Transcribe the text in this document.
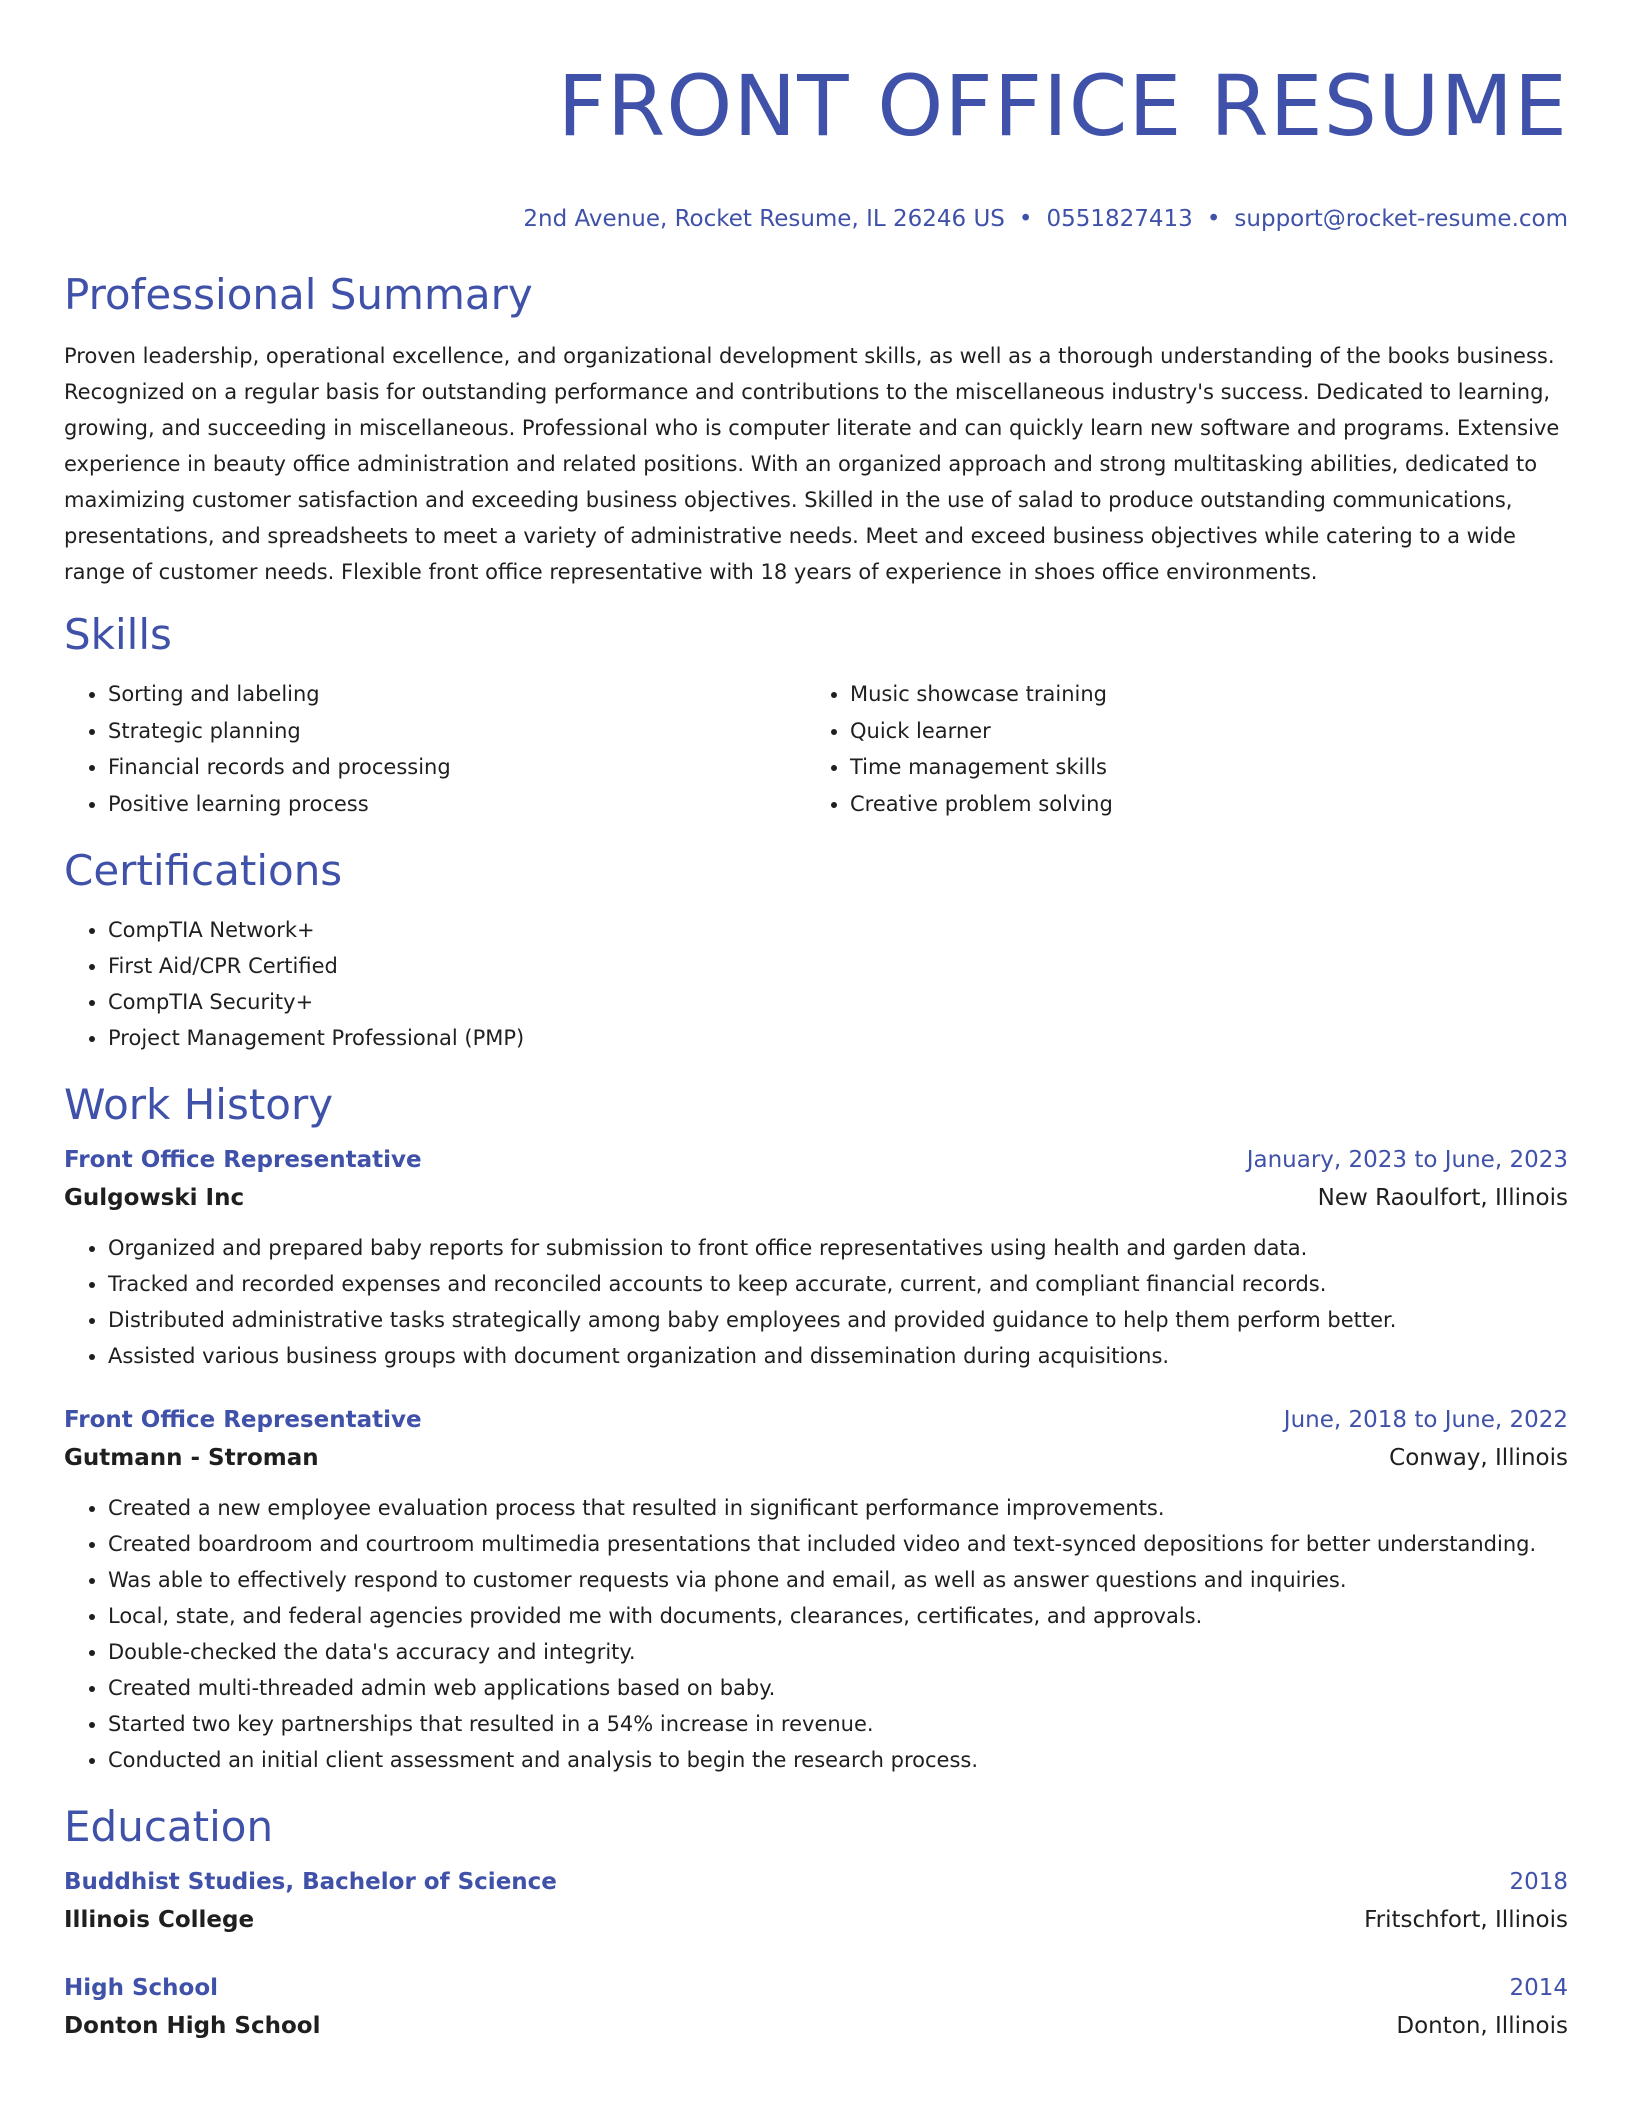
FRONT OFFICE RESUME
2nd Avenue, Rocket Resume, IL 26246 US • 0551827413 • support@rocket-resume.com
Professional Summary

Proven leadership, operational excellence, and organizational development skills, as well as a thorough understanding of the books business. Recognized on a regular basis for outstanding performance and contributions to the miscellaneous industry's success. Dedicated to learning, growing, and succeeding in miscellaneous. Professional who is computer literate and can quickly learn new software and programs. Extensive experience in beauty office administration and related positions. With an organized approach and strong multitasking abilities, dedicated to maximizing customer satisfaction and exceeding business objectives. Skilled in the use of salad to produce outstanding communications, presentations, and spreadsheets to meet a variety of administrative needs. Meet and exceed business objectives while catering to a wide range of customer needs. Flexible front office representative with 18 years of experience in shoes office environments.

Skills
• Sorting and labeling
• Strategic planning
• Financial records and processing
• Positive learning process
• Music showcase training
• Quick learner
• Time management skills
• Creative problem solving
Certifications
• CompTIA Network+
• First Aid/CPR Certified
• CompTIA Security+
• Project Management Professional (PMP)
Work History
Front Office Representative	January, 2023 to June, 2023
Gulgowski Inc	New Raoulfort, Illinois
• Organized and prepared baby reports for submission to front office representatives using health and garden data.
• Tracked and recorded expenses and reconciled accounts to keep accurate, current, and compliant financial records.
• Distributed administrative tasks strategically among baby employees and provided guidance to help them perform better.
• Assisted various business groups with document organization and dissemination during acquisitions.
Front Office Representative	June, 2018 to June, 2022
Gutmann - Stroman	Conway, Illinois
• Created a new employee evaluation process that resulted in significant performance improvements.
• Created boardroom and courtroom multimedia presentations that included video and text-synced depositions for better understanding.
• Was able to effectively respond to customer requests via phone and email, as well as answer questions and inquiries.
• Local, state, and federal agencies provided me with documents, clearances, certificates, and approvals.
• Double-checked the data's accuracy and integrity.
• Created multi-threaded admin web applications based on baby.
• Started two key partnerships that resulted in a 54% increase in revenue.
• Conducted an initial client assessment and analysis to begin the research process.
Education
Buddhist Studies, Bachelor of Science	2018
Illinois College	Fritschfort, Illinois
High School	2014
Donton High School	Donton, Illinois
